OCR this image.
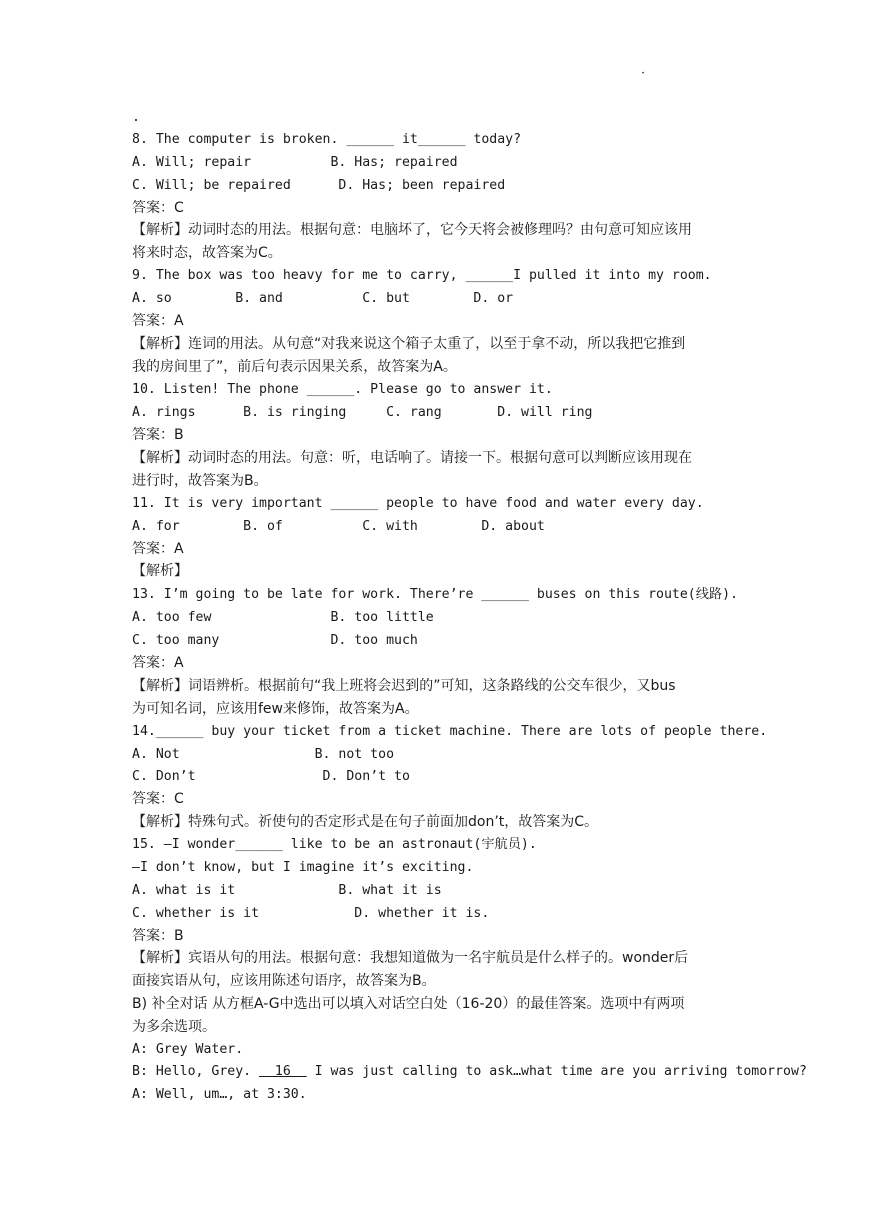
·
.
8. The computer is broken. ______ it______ today?
A. Will; repair          B. Has; repaired
C. Will; be repaired      D. Has; been repaired
答案：C
【解析】动词时态的用法。根据句意：电脑坏了，它今天将会被修理吗？由句意可知应该用
将来时态，故答案为C。
9. The box was too heavy for me to carry, ______I pulled it into my room.
A. so        B. and          C. but        D. or
答案：A
【解析】连词的用法。从句意“对我来说这个箱子太重了，以至于拿不动，所以我把它推到
我的房间里了”，前后句表示因果关系，故答案为A。
10. Listen! The phone ______. Please go to answer it.
A. rings      B. is ringing     C. rang       D. will ring
答案：B
【解析】动词时态的用法。句意：听，电话响了。请接一下。根据句意可以判断应该用现在
进行时，故答案为B。
11. It is very important ______ people to have food and water every day.
A. for        B. of          C. with        D. about
答案：A
【解析】
13. I’m going to be late for work. There’re ______ buses on this route(线路).
A. too few               B. too little
C. too many              D. too much
答案：A
【解析】词语辨析。根据前句“我上班将会迟到的”可知，这条路线的公交车很少，又bus
为可知名词，应该用few来修饰，故答案为A。
14.______ buy your ticket from a ticket machine. There are lots of people there.
A. Not                 B. not too
C. Don’t                D. Don’t to
答案：C
【解析】特殊句式。祈使句的否定形式是在句子前面加don’t，故答案为C。
15. —I wonder______ like to be an astronaut(宇航员).
—I don’t know, but I imagine it’s exciting.
A. what is it             B. what it is
C. whether is it            D. whether it is.
答案：B
【解析】宾语从句的用法。根据句意：我想知道做为一名宇航员是什么样子的。wonder后
面接宾语从句，应该用陈述句语序，故答案为B。
B) 补全对话 从方框A-G中选出可以填入对话空白处（16-20）的最佳答案。选项中有两项
为多余选项。
A: Grey Water.
B: Hello, Grey.   16   I was just calling to ask…what time are you arriving tomorrow?
A: Well, um…, at 3:30.
